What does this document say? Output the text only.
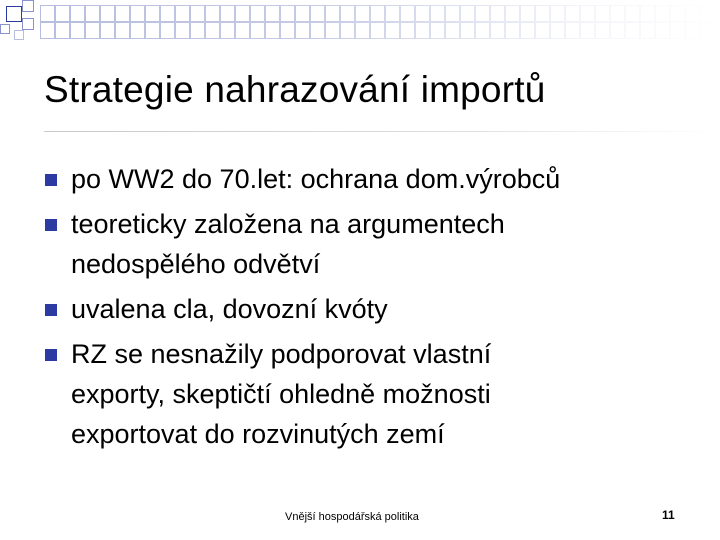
Strategie nahrazování importů
po WW2 do 70.let: ochrana dom.výrobců
teoreticky založena na argumentech
nedospělého odvětví
uvalena cla, dovozní kvóty
RZ se nesnažily podporovat vlastní
exporty, skeptičtí ohledně možnosti
exportovat do rozvinutých zemí
Vnější hospodářská politika	11
